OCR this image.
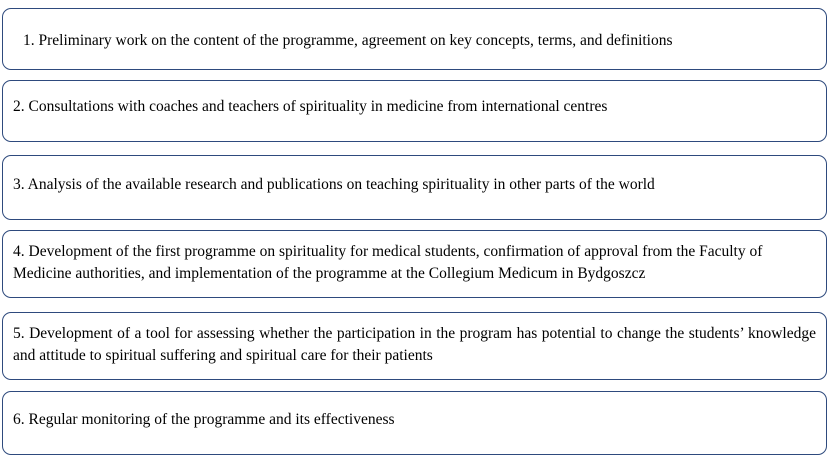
1. Preliminary work on the content of the programme, agreement on key concepts, terms, and definitions
2. Consultations with coaches and teachers of spirituality in medicine from international centres
3. Analysis of the available research and publications on teaching spirituality in other parts of the world
4. Development of the first programme on spirituality for medical students, confirmation of approval from the Faculty of Medicine authorities, and implementation of the programme at the Collegium Medicum in Bydgoszcz
5. Development of a tool for assessing whether the participation in the program has potential to change the students’ knowledge and attitude to spiritual suffering and spiritual care for their patients
6. Regular monitoring of the programme and its effectiveness
